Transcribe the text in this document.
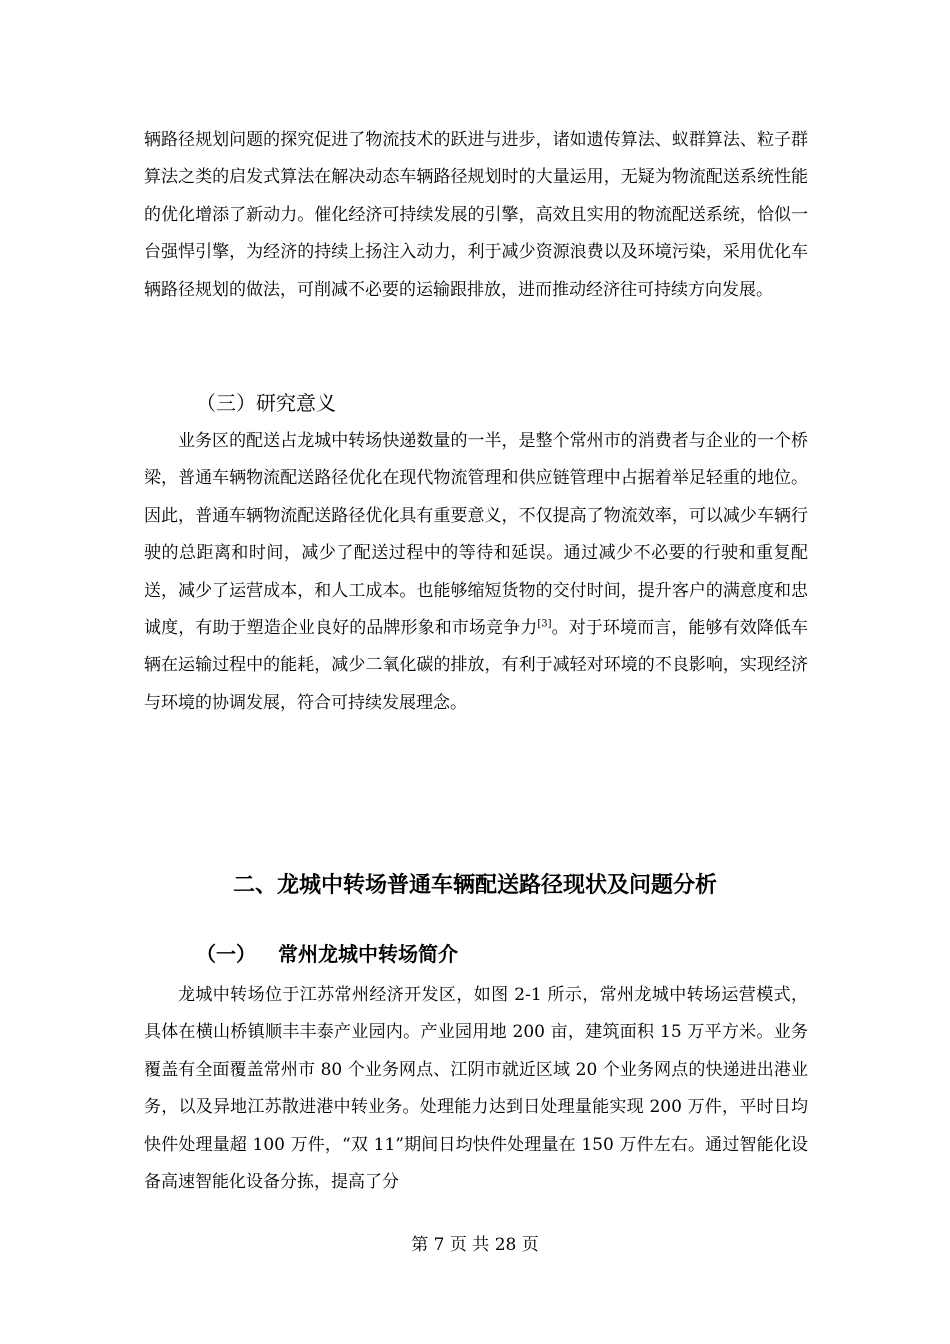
辆路径规划问题的探究促进了物流技术的跃进与进步，诸如遗传算法、蚁群算法、粒子群算法之类的启发式算法在解决动态车辆路径规划时的大量运用，无疑为物流配送系统性能的优化增添了新动力。催化经济可持续发展的引擎，高效且实用的物流配送系统，恰似一台强悍引擎，为经济的持续上扬注入动力，利于减少资源浪费以及环境污染，采用优化车辆路径规划的做法，可削减不必要的运输跟排放，进而推动经济往可持续方向发展。

（三）研究意义

业务区的配送占龙城中转场快递数量的一半，是整个常州市的消费者与企业的一个桥梁，普通车辆物流配送路径优化在现代物流管理和供应链管理中占据着举足轻重的地位。因此，普通车辆物流配送路径优化具有重要意义，不仅提高了物流效率，可以减少车辆行驶的总距离和时间，减少了配送过程中的等待和延误。通过减少不必要的行驶和重复配送，减少了运营成本，和人工成本。也能够缩短货物的交付时间，提升客户的满意度和忠诚度，有助于塑造企业良好的品牌形象和市场竞争力[3]。对于环境而言，能够有效降低车辆在运输过程中的能耗，减少二氧化碳的排放，有利于减轻对环境的不良影响，实现经济与环境的协调发展，符合可持续发展理念。

二、龙城中转场普通车辆配送路径现状及问题分析
（一） 常州龙城中转场简介

龙城中转场位于江苏常州经济开发区，如图 2-1 所示，常州龙城中转场运营模式，具体在横山桥镇顺丰丰泰产业园内。产业园用地 200 亩，建筑面积 15 万平方米。业务覆盖有全面覆盖常州市 80 个业务网点、江阴市就近区域 20 个业务网点的快递进出港业务，以及异地江苏散进港中转业务。处理能力达到日处理量能实现 200 万件，平时日均快件处理量超 100 万件，“双 11”期间日均快件处理量在 150 万件左右。通过智能化设备高速智能化设备分拣，提高了分

第 7 页 共 28 页
